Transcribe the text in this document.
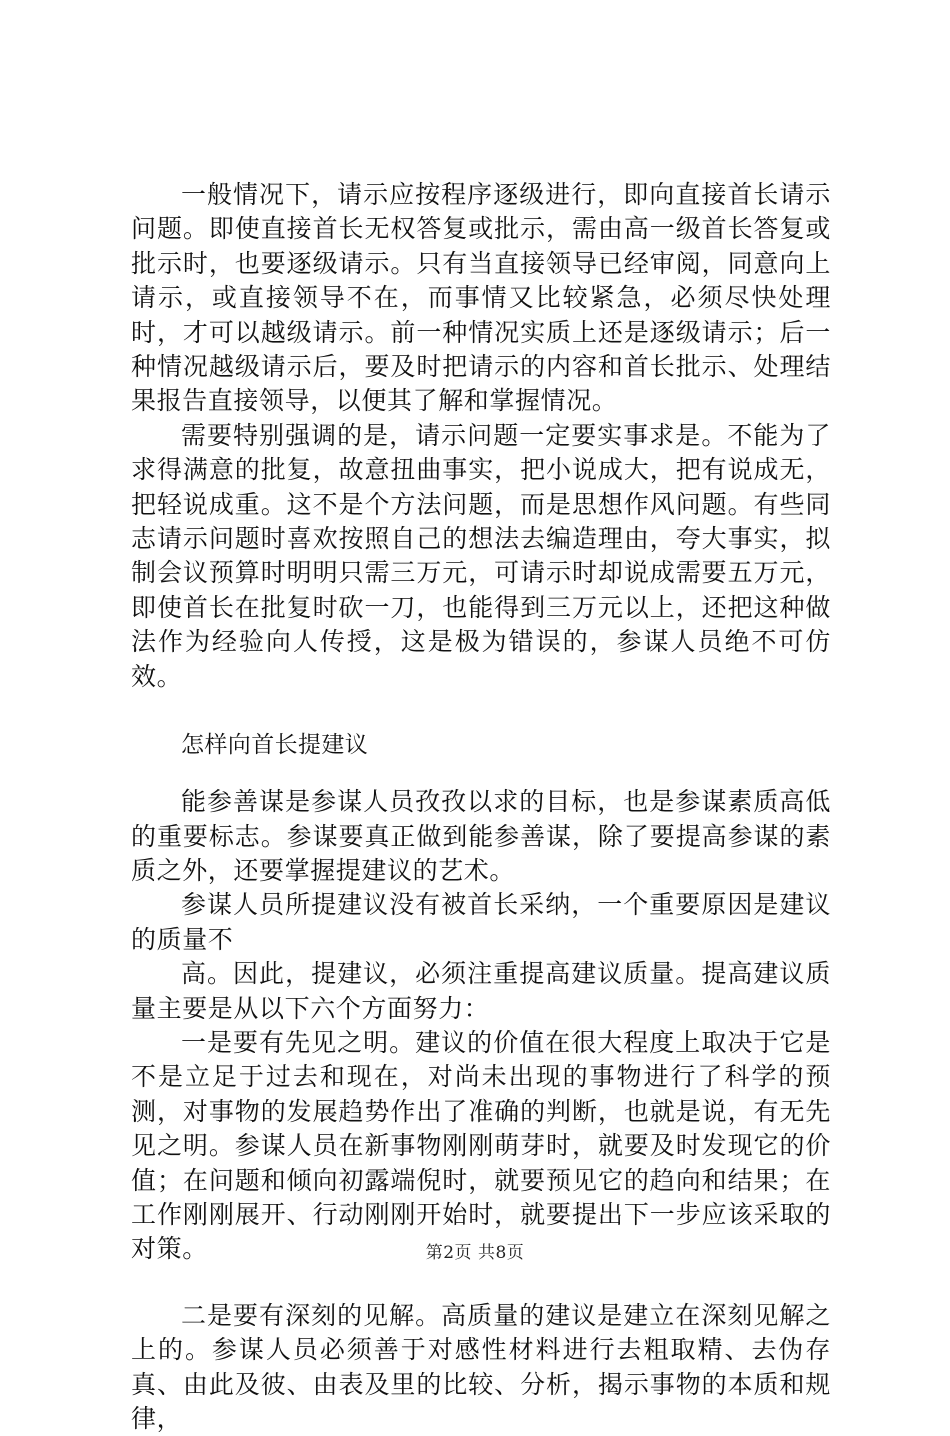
一般情况下，请示应按程序逐级进行，即向直接首长请示问题。即使直接首长无权答复或批示，需由高一级首长答复或批示时，也要逐级请示。只有当直接领导已经审阅，同意向上请示，或直接领导不在，而事情又比较紧急，必须尽快处理时，才可以越级请示。前一种情况实质上还是逐级请示；后一种情况越级请示后，要及时把请示的内容和首长批示、处理结果报告直接领导，以便其了解和掌握情况。

需要特别强调的是，请示问题一定要实事求是。不能为了求得满意的批复，故意扭曲事实，把小说成大，把有说成无，把轻说成重。这不是个方法问题，而是思想作风问题。有些同志请示问题时喜欢按照自己的想法去编造理由，夸大事实，拟制会议预算时明明只需三万元，可请示时却说成需要五万元，即使首长在批复时砍一刀，也能得到三万元以上，还把这种做法作为经验向人传授，这是极为错误的，参谋人员绝不可仿效。

怎样向首长提建议

能参善谋是参谋人员孜孜以求的目标，也是参谋素质高低的重要标志。参谋要真正做到能参善谋，除了要提高参谋的素质之外，还要掌握提建议的艺术。

参谋人员所提建议没有被首长采纳，一个重要原因是建议的质量不

高。因此，提建议，必须注重提高建议质量。提高建议质量主要是从以下六个方面努力：

一是要有先见之明。建议的价值在很大程度上取决于它是不是立足于过去和现在，对尚未出现的事物进行了科学的预测，对事物的发展趋势作出了准确的判断，也就是说，有无先见之明。参谋人员在新事物刚刚萌芽时，就要及时发现它的价值；在问题和倾向初露端倪时，就要预见它的趋向和结果；在工作刚刚展开、行动刚刚开始时，就要提出下一步应该采取的对策。

二是要有深刻的见解。高质量的建议是建立在深刻见解之上的。参谋人员必须善于对感性材料进行去粗取精、去伪存真、由此及彼、由表及里的比较、分析，揭示事物的本质和规律，

第2页 共8页
